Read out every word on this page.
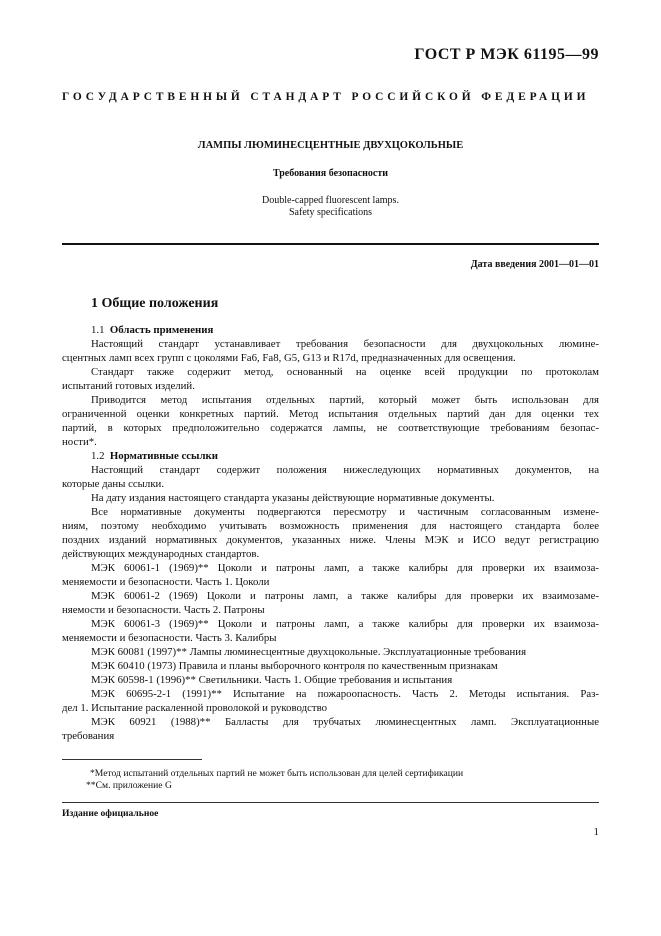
ГОСТ Р МЭК 61195—99
ГОСУДАРСТВЕННЫЙ СТАНДАРТ РОССИЙСКОЙ ФЕДЕРАЦИИ
ЛАМПЫ ЛЮМИНЕСЦЕНТНЫЕ ДВУХЦОКОЛЬНЫЕ
Требования безопасности
Double-capped fluorescent lamps.
Safety specifications
Дата введения 2001—01—01
1 Общие положения

1.1 Область применения

Настоящий стандарт устанавливает требования безопасности для двухцокольных люмине-

сцентных ламп всех групп с цоколями Fa6, Fa8, G5, G13 и R17d, предназначенных для освещения.

Стандарт также содержит метод, основанный на оценке всей продукции по протоколам

испытаний готовых изделий.

Приводится метод испытания отдельных партий, который может быть использован для

ограниченной оценки конкретных партий. Метод испытания отдельных партий дан для оценки тех

партий, в которых предположительно содержатся лампы, не соответствующие требованиям безопас-

ности*.

1.2 Нормативные ссылки

Настоящий стандарт содержит положения нижеследующих нормативных документов, на

которые даны ссылки.

На дату издания настоящего стандарта указаны действующие нормативные документы.

Все нормативные документы подвергаются пересмотру и частичным согласованным измене-

ниям, поэтому необходимо учитывать возможность применения для настоящего стандарта более

поздних изданий нормативных документов, указанных ниже. Члены МЭК и ИСО ведут регистрацию

действующих международных стандартов.

МЭК 60061-1 (1969)** Цоколи и патроны ламп, а также калибры для проверки их взаимоза-

меняемости и безопасности. Часть 1. Цоколи

МЭК 60061-2 (1969) Цоколи и патроны ламп, а также калибры для проверки их взаимозаме-

няемости и безопасности. Часть 2. Патроны

МЭК 60061-3 (1969)** Цоколи и патроны ламп, а также калибры для проверки их взаимоза-

меняемости и безопасности. Часть 3. Калибры

МЭК 60081 (1997)** Лампы люминесцентные двухцокольные. Эксплуатационные требования

МЭК 60410 (1973) Правила и планы выборочного контроля по качественным признакам

МЭК 60598-1 (1996)** Светильники. Часть 1. Общие требования и испытания

МЭК 60695-2-1 (1991)** Испытание на пожароопасность. Часть 2. Методы испытания. Раз-

дел 1. Испытание раскаленной проволокой и руководство

МЭК 60921 (1988)** Балласты для трубчатых люминесцентных ламп. Эксплуатационные

требования

*Метод испытаний отдельных партий не может быть использован для целей сертификации
**См. приложение G
Издание официальное
1
